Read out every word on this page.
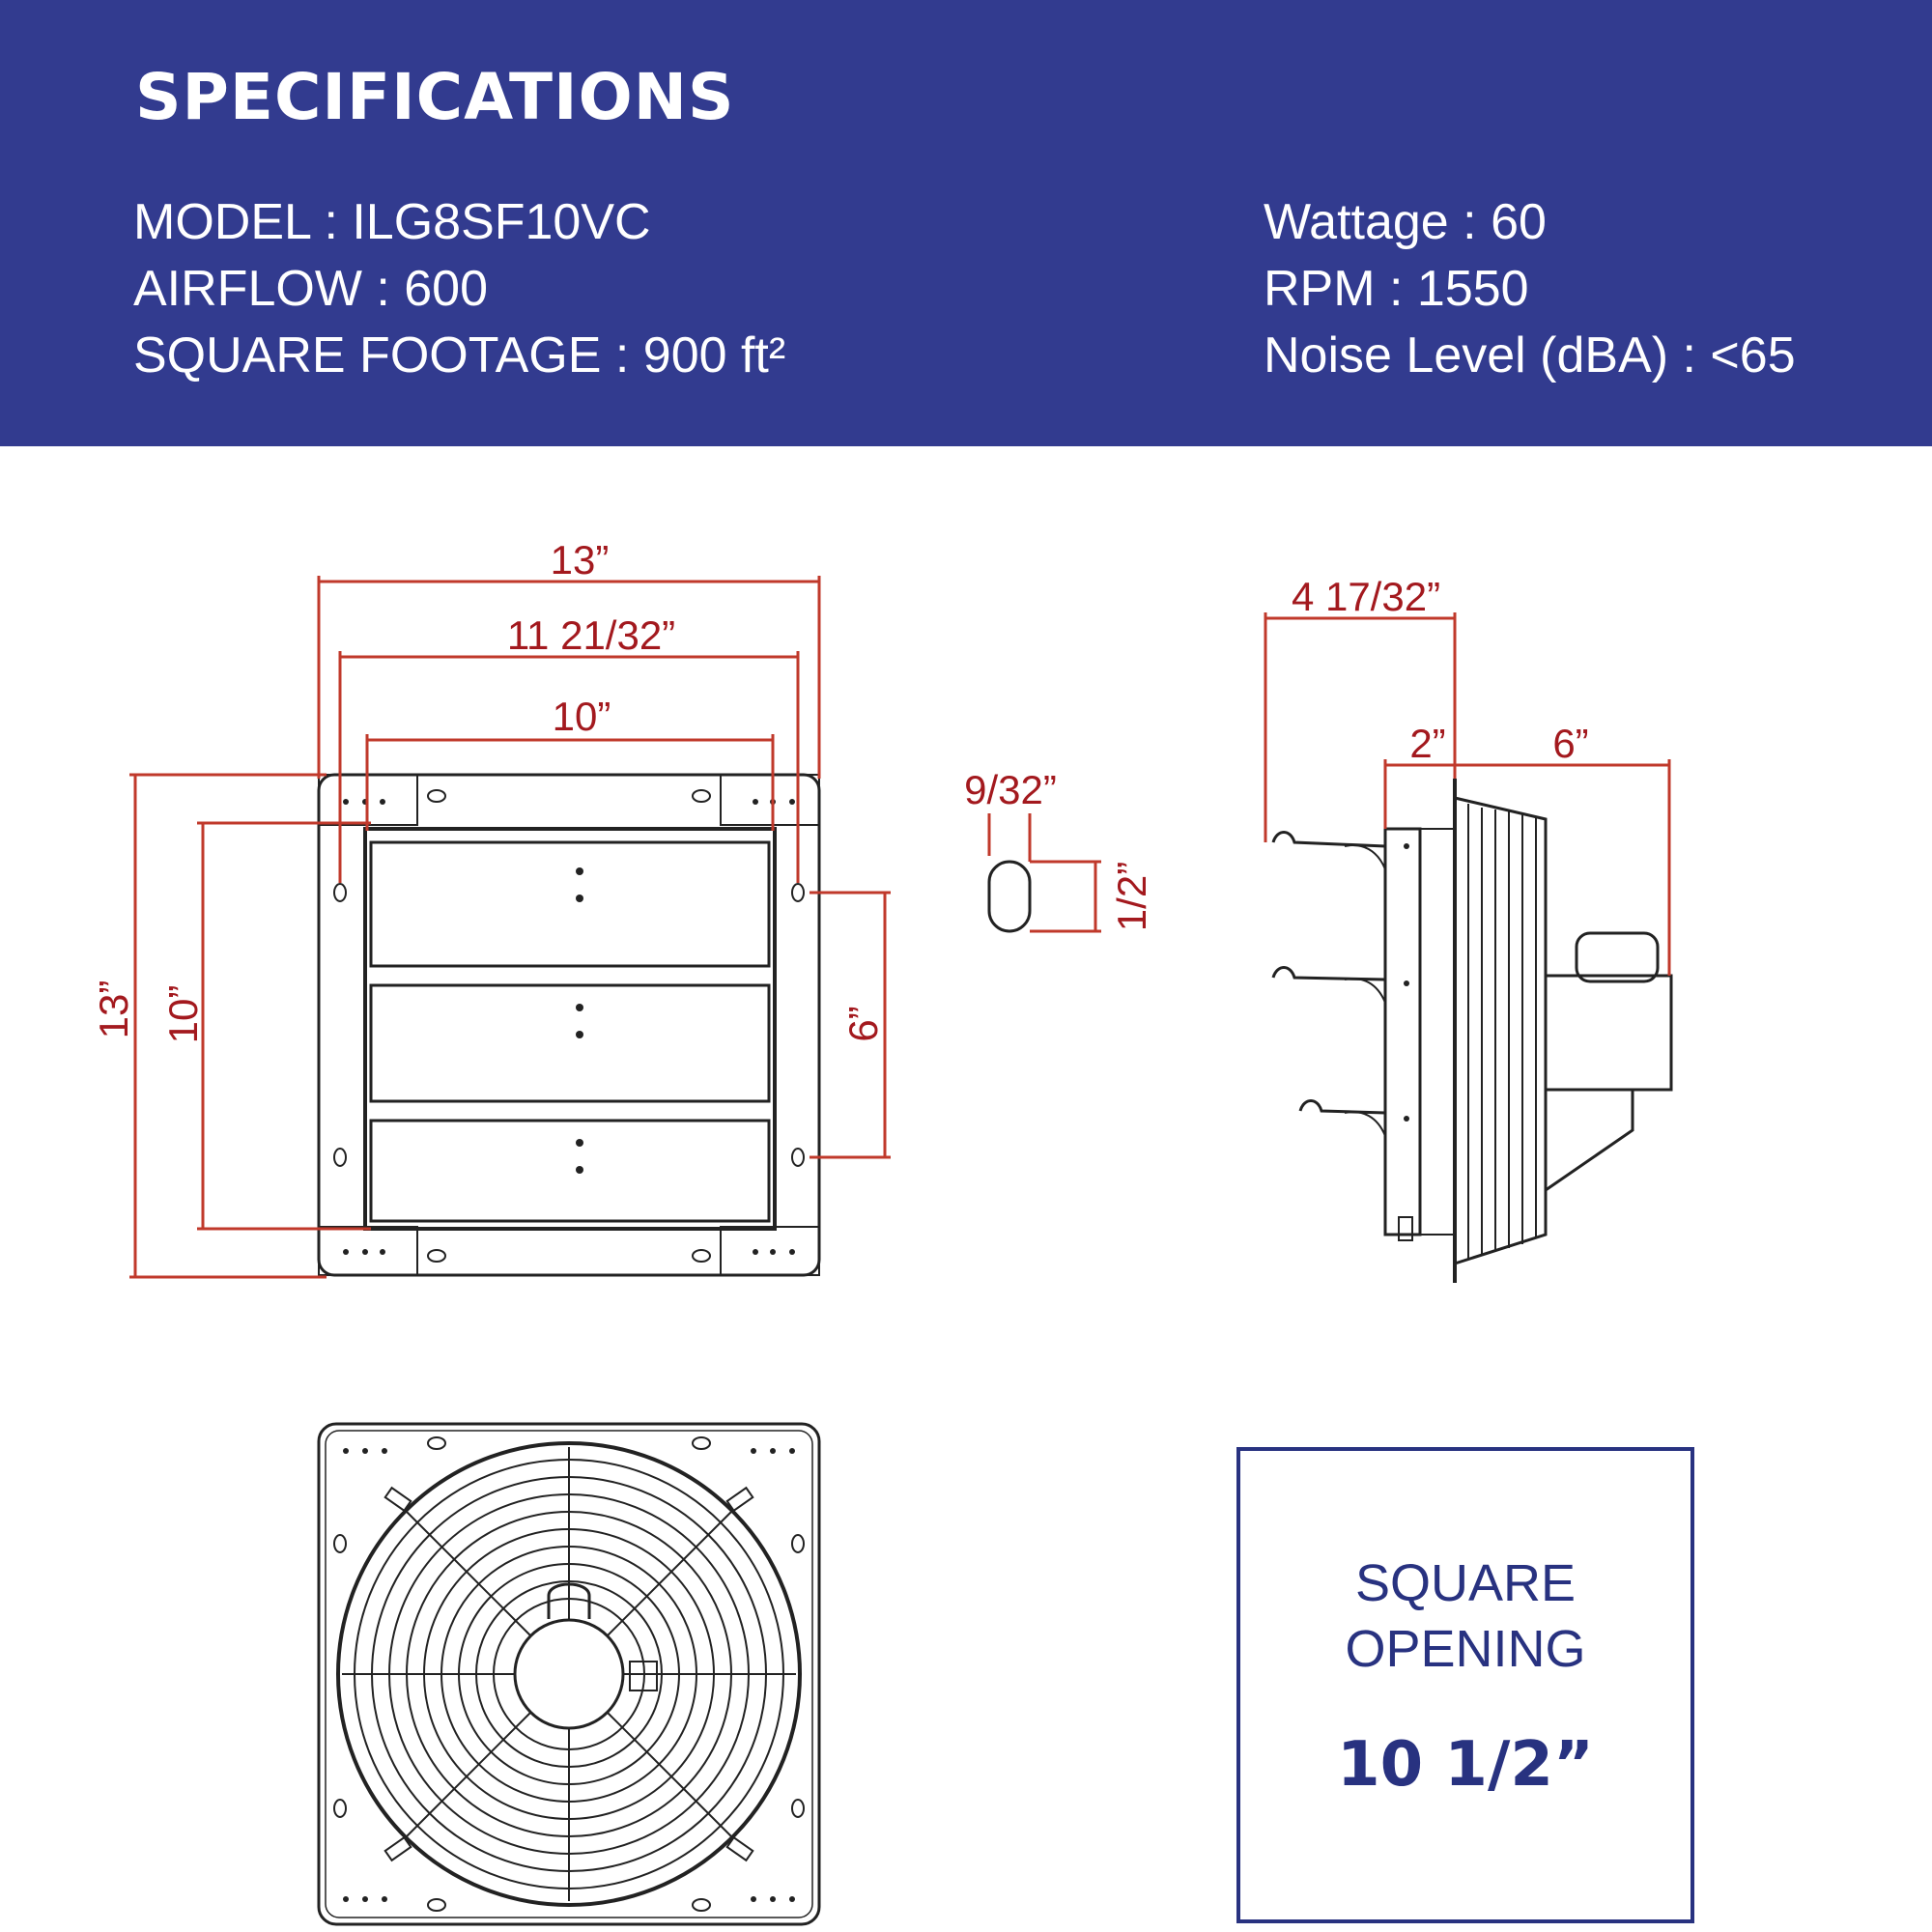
SPECIFICATIONS
MODEL : ILG8SF10VC
AIRFLOW : 600
SQUARE FOOTAGE : 900 ft²
Wattage : 60
RPM : 1550
Noise Level (dBA) : <65
13”
11 21/32”
10”
13” 10”	6”
9/32”
1/2”
4 17/32”
2”	6”
SQUARE
OPENING
10 1/2”
